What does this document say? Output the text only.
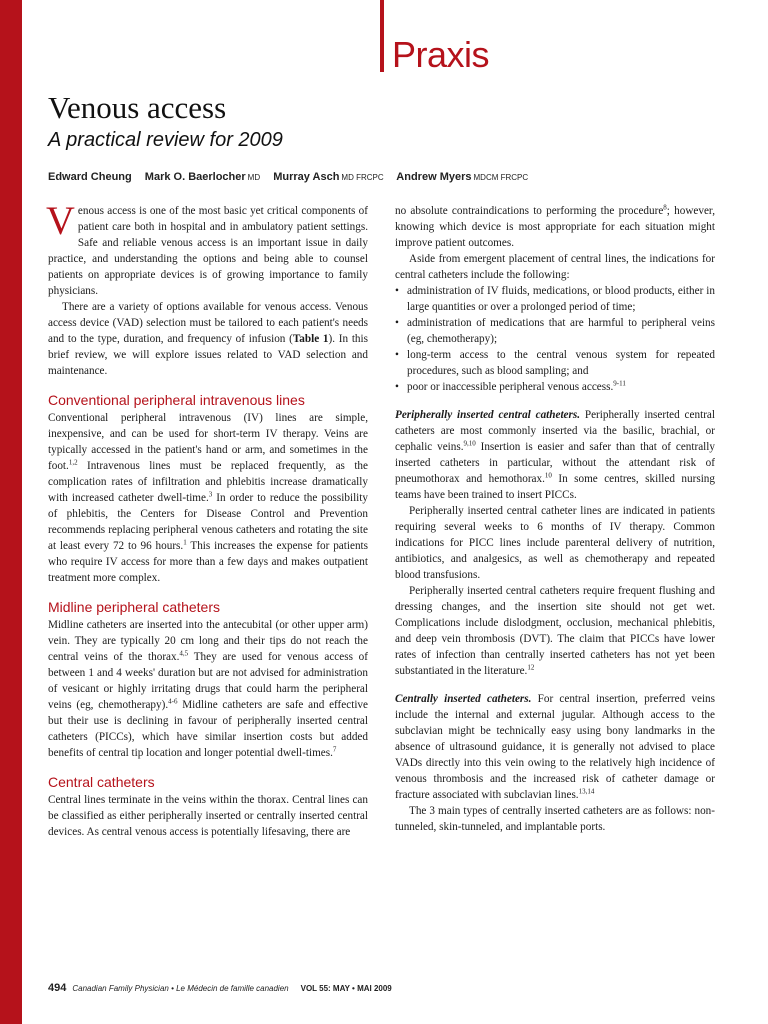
Praxis
Venous access
A practical review for 2009
Edward Cheung Mark O. Baerlocher MD Murray Asch MD FRCPC Andrew Myers MDCM FRCPC

Venous access is one of the most basic yet critical components of patient care both in hospital and in ambulatory patient settings. Safe and reliable venous access is an important issue in daily practice, and understanding the options and being able to counsel patients on appropriate devices is of growing importance to family physicians.

There are a variety of options available for venous access. Venous access device (VAD) selection must be tailored to each patient's needs and to the type, duration, and frequency of infusion (Table 1). In this brief review, we will explore issues related to VAD selection and maintenance.

Conventional peripheral intravenous lines

Conventional peripheral intravenous (IV) lines are simple, inexpensive, and can be used for short-term IV therapy. Veins are typically accessed in the patient's hand or arm, and sometimes in the foot.$^{1,2}$ Intravenous lines must be replaced frequently, as the complication rates of infiltration and phlebitis increase dramatically with increased catheter dwell-time.$^3$ In order to reduce the possibility of phlebitis, the Centers for Disease Control and Prevention recommends replacing peripheral venous catheters and rotating the site at least every 72 to 96 hours.$^1$ This increases the expense for patients who require IV access for more than a few days and makes outpatient treatment more complex.

Midline peripheral catheters

Midline catheters are inserted into the antecubital (or other upper arm) vein. They are typically 20 cm long and their tips do not reach the central veins of the thorax.$^{4,5}$ They are used for venous access of between 1 and 4 weeks' duration but are not advised for administration of vesicant or highly irritating drugs that could harm the peripheral veins (eg, chemotherapy).$^{4-6}$ Midline catheters are safe and effective but their use is declining in favour of peripherally inserted central catheters (PICCs), which have similar insertion costs but added benefits of central tip location and longer potential dwell-times.$^7$

Central catheters

Central lines terminate in the veins within the thorax. Central lines can be classified as either peripherally inserted or centrally inserted central devices. As central venous access is potentially lifesaving, there are

no absolute contraindications to performing the procedure$^8$; however, knowing which device is most appropriate for each situation might improve patient outcomes.

Aside from emergent placement of central lines, the indications for central catheters include the following:

• administration of IV fluids, medications, or blood products, either in large quantities or over a prolonged period of time;
• administration of medications that are harmful to peripheral veins (eg, chemotherapy);
• long-term access to the central venous system for repeated procedures, such as blood sampling; and
• poor or inaccessible peripheral venous access.$^{9-11}$

Peripherally inserted central catheters. Peripherally inserted central catheters are most commonly inserted via the basilic, brachial, or cephalic veins.$^{9,10}$ Insertion is easier and safer than that of centrally inserted catheters in particular, without the attendant risk of pneumothorax and hemothorax.$^{10}$ In some centres, skilled nursing teams have been trained to insert PICCs.

Peripherally inserted central catheter lines are indicated in patients requiring several weeks to 6 months of IV therapy. Common indications for PICC lines include parenteral delivery of nutrition, antibiotics, and analgesics, as well as chemotherapy and repeated blood transfusions.

Peripherally inserted central catheters require frequent flushing and dressing changes, and the insertion site should not get wet. Complications include dislodgment, occlusion, mechanical phlebitis, and deep vein thrombosis (DVT). The claim that PICCs have lower rates of infection than centrally inserted catheters has not yet been substantiated in the literature.$^{12}$

Centrally inserted catheters. For central insertion, preferred veins include the internal and external jugular. Although access to the subclavian might be technically easy using bony landmarks in the absence of ultrasound guidance, it is generally not advised to place VADs directly into this vein owing to the relatively high incidence of venous thrombosis and the increased risk of catheter damage or fracture associated with subclavian lines.$^{13,14}$

The 3 main types of centrally inserted catheters are as follows: non-tunneled, skin-tunneled, and implantable ports.

494 Canadian Family Physician • Le Médecin de famille canadien VOL 55: MAY • MAI 2009
